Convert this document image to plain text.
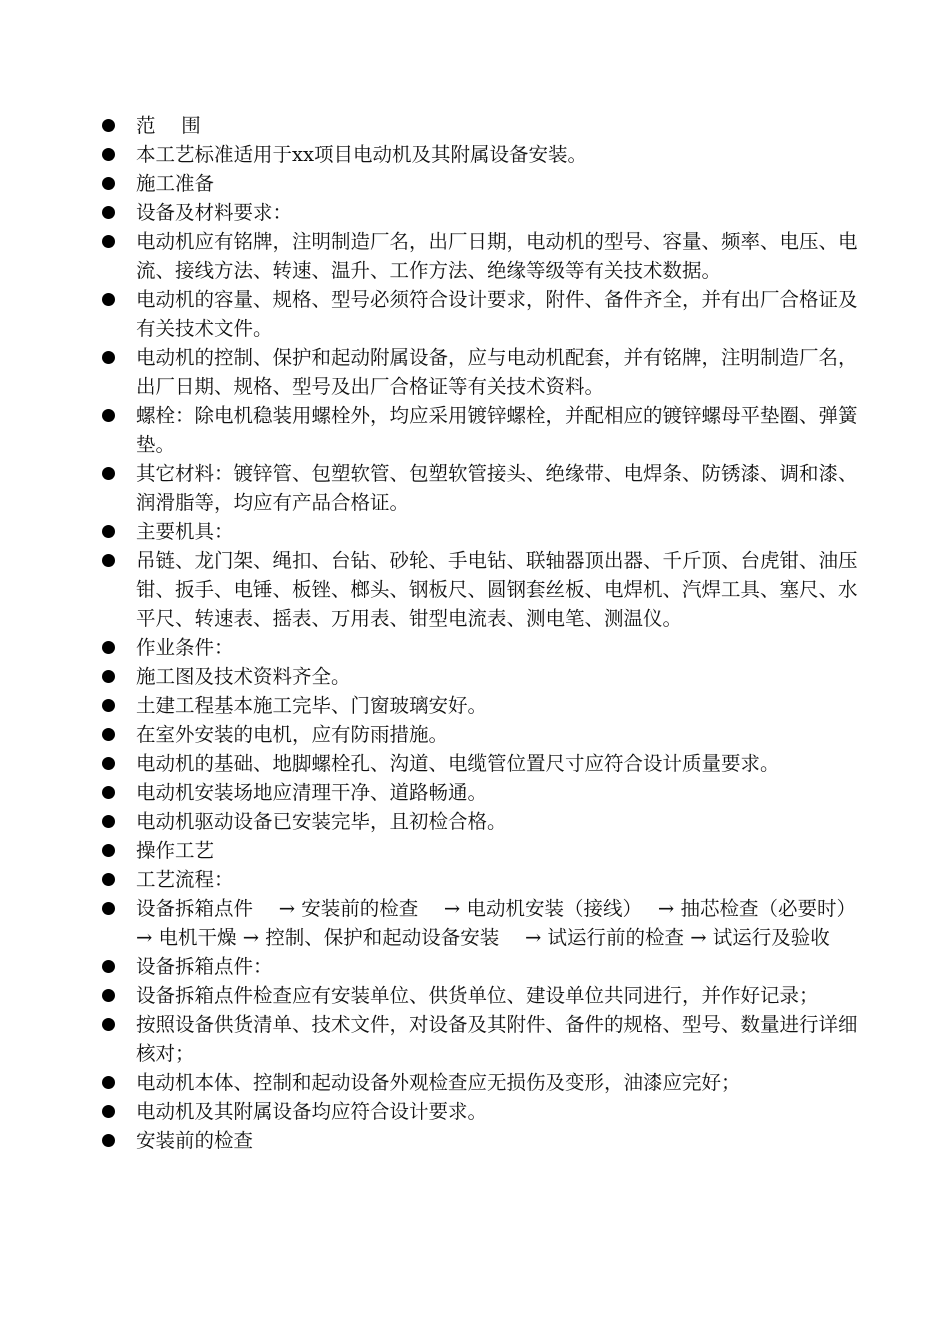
范　 围
本工艺标准适用于xx项目电动机及其附属设备安装。
施工准备
设备及材料要求：
电动机应有铭牌，注明制造厂名，出厂日期，电动机的型号、容量、频率、电压、电流、接线方法、转速、温升、工作方法、绝缘等级等有关技术数据。
电动机的容量、规格、型号必须符合设计要求，附件、备件齐全，并有出厂合格证及有关技术文件。
电动机的控制、保护和起动附属设备，应与电动机配套，并有铭牌，注明制造厂名，出厂日期、规格、型号及出厂合格证等有关技术资料。
螺栓：除电机稳装用螺栓外，均应采用镀锌螺栓，并配相应的镀锌螺母平垫圈、弹簧垫。
其它材料：镀锌管、包塑软管、包塑软管接头、绝缘带、电焊条、防锈漆、调和漆、润滑脂等，均应有产品合格证。
主要机具：
吊链、龙门架、绳扣、台钻、砂轮、手电钻、联轴器顶出器、千斤顶、台虎钳、油压钳、扳手、电锤、板锉、榔头、钢板尺、圆钢套丝板、电焊机、汽焊工具、塞尺、水平尺、转速表、摇表、万用表、钳型电流表、测电笔、测温仪。
作业条件：
施工图及技术资料齐全。
土建工程基本施工完毕、门窗玻璃安好。
在室外安装的电机，应有防雨措施。
电动机的基础、地脚螺栓孔、沟道、电缆管位置尺寸应符合设计质量要求。
电动机安装场地应清理干净、道路畅通。
电动机驱动设备已安装完毕，且初检合格。
操作工艺
工艺流程：
设备拆箱点件　 → 安装前的检查　 → 电动机安装（接线）　 → 抽芯检查（必要时） → 电机干燥 → 控制、保护和起动设备安装　 → 试运行前的检查 → 试运行及验收
设备拆箱点件：
设备拆箱点件检查应有安装单位、供货单位、建设单位共同进行，并作好记录；
按照设备供货清单、技术文件，对设备及其附件、备件的规格、型号、数量进行详细核对；
电动机本体、控制和起动设备外观检查应无损伤及变形，油漆应完好；
电动机及其附属设备均应符合设计要求。
安装前的检查
